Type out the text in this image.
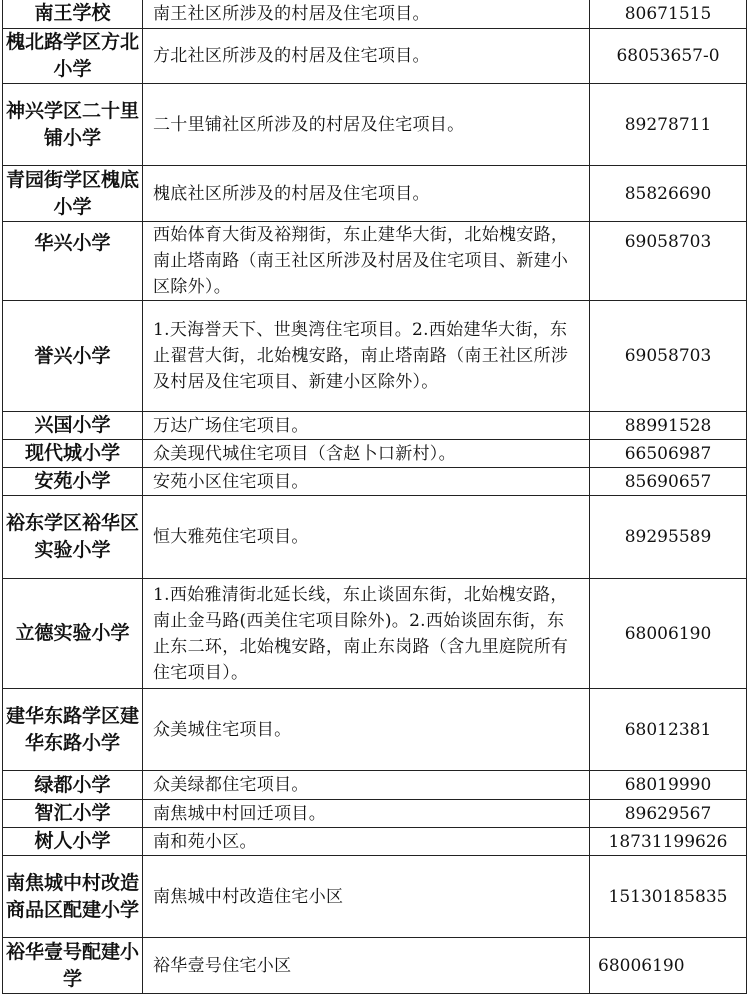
南王学校	南王社区所涉及的村居及住宅项目。	80671515
槐北路学区方北小学	方北社区所涉及的村居及住宅项目。	68053657-0
神兴学区二十里铺小学	二十里铺社区所涉及的村居及住宅项目。	89278711
青园街学区槐底小学	槐底社区所涉及的村居及住宅项目。	85826690
华兴小学	西始体育大街及裕翔街，东止建华大街，北始槐安路，南止塔南路（南王社区所涉及村居及住宅项目、新建小区除外）。	69058703
誉兴小学	1.天海誉天下、世奥湾住宅项目。2.西始建华大街，东止翟营大街，北始槐安路，南止塔南路（南王社区所涉及村居及住宅项目、新建小区除外）。	69058703
兴国小学	万达广场住宅项目。	88991528
现代城小学	众美现代城住宅项目（含赵卜口新村）。	66506987
安苑小学	安苑小区住宅项目。	85690657
裕东学区裕华区实验小学	恒大雅苑住宅项目。	89295589
立德实验小学	1.西始雅清街北延长线，东止谈固东街，北始槐安路，南止金马路(西美住宅项目除外)。2.西始谈固东街，东止东二环，北始槐安路，南止东岗路（含九里庭院所有住宅项目）。	68006190
建华东路学区建华东路小学	众美城住宅项目。	68012381
绿都小学	众美绿都住宅项目。	68019990
智汇小学	南焦城中村回迁项目。	89629567
树人小学	南和苑小区。	18731199626
南焦城中村改造商品区配建小学	南焦城中村改造住宅小区	15130185835
裕华壹号配建小学	裕华壹号住宅小区	68006190
